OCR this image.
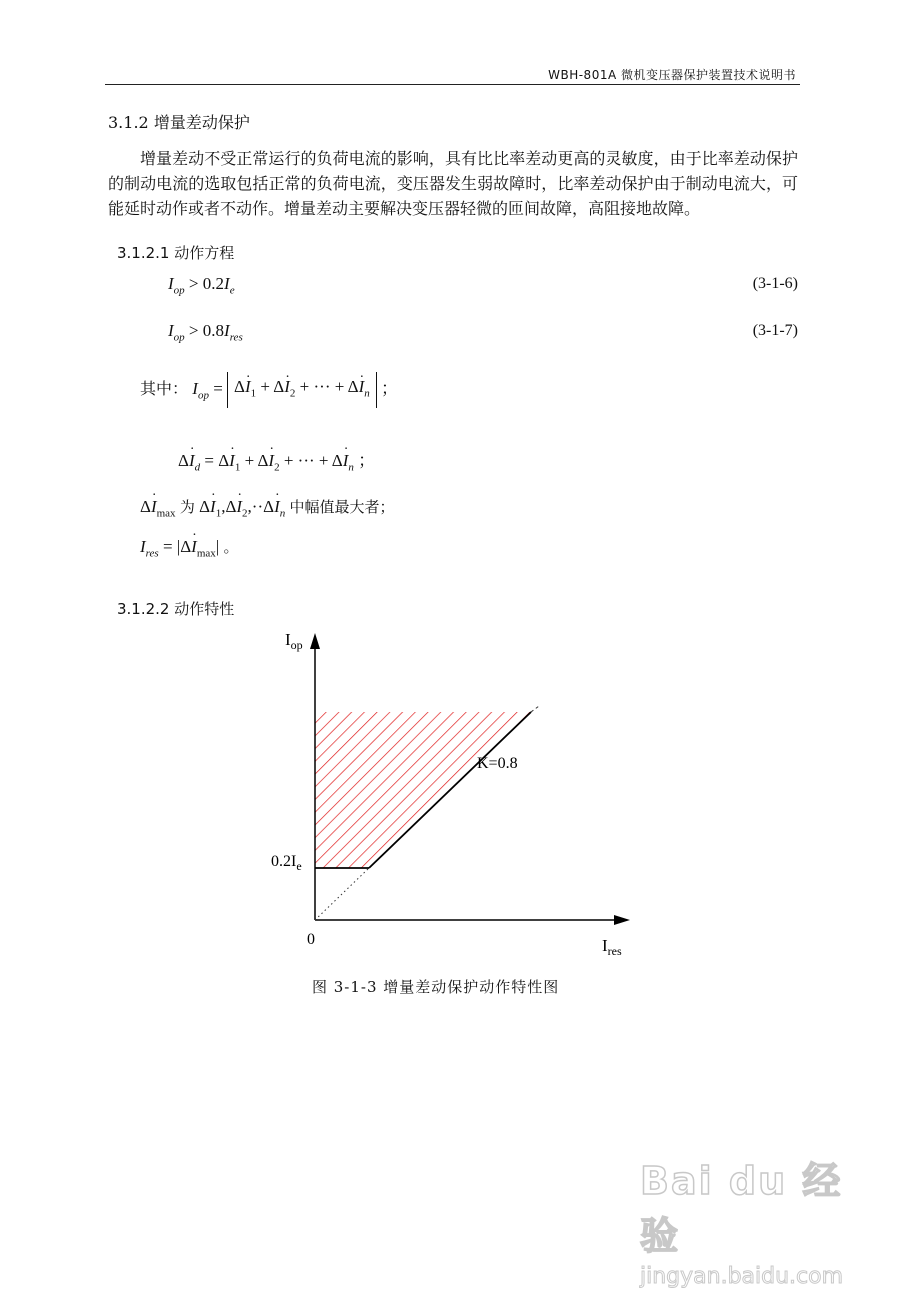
WBH-801A 微机变压器保护装置技术说明书
3.1.2 增量差动保护

增量差动不受正常运行的负荷电流的影响，具有比比率差动更高的灵敏度，由于比率差动保护的制动电流的选取包括正常的负荷电流，变压器发生弱故障时，比率差动保护由于制动电流大，可能延时动作或者不动作。增量差动主要解决变压器轻微的匝间故障，高阻接地故障。

3.1.2.1 动作方程
$I_{op} > 0.2I_e$	(3-1-6)
$I_{op} > 0.8I_{res}$	(3-1-7)
其中： $I_{op} = \Delta\cdot I_1 + \Delta\cdot I_2$ + ··· + $\Delta\cdot I_n$ ；
$\Delta\cdot I_d = \Delta\cdot I_1 + \Delta\cdot I_2$ + ··· + $\Delta\cdot I_n$ ；
$\Delta\cdot I_{max}$ 为 $\Delta\cdot I_1,\Delta\cdot I_2,\cdot\cdot\Delta\cdot I_n$ 中幅值最大者；
$I_{res} = |\Delta\cdot I_{max}|$ 。
3.1.2.2 动作特性
$I_{op}$
$I_{res}$
0
$0.2I_e$
K=0.8
图 3-1-3 增量差动保护动作特性图
Bai du 经验
jingyan.baidu.com
